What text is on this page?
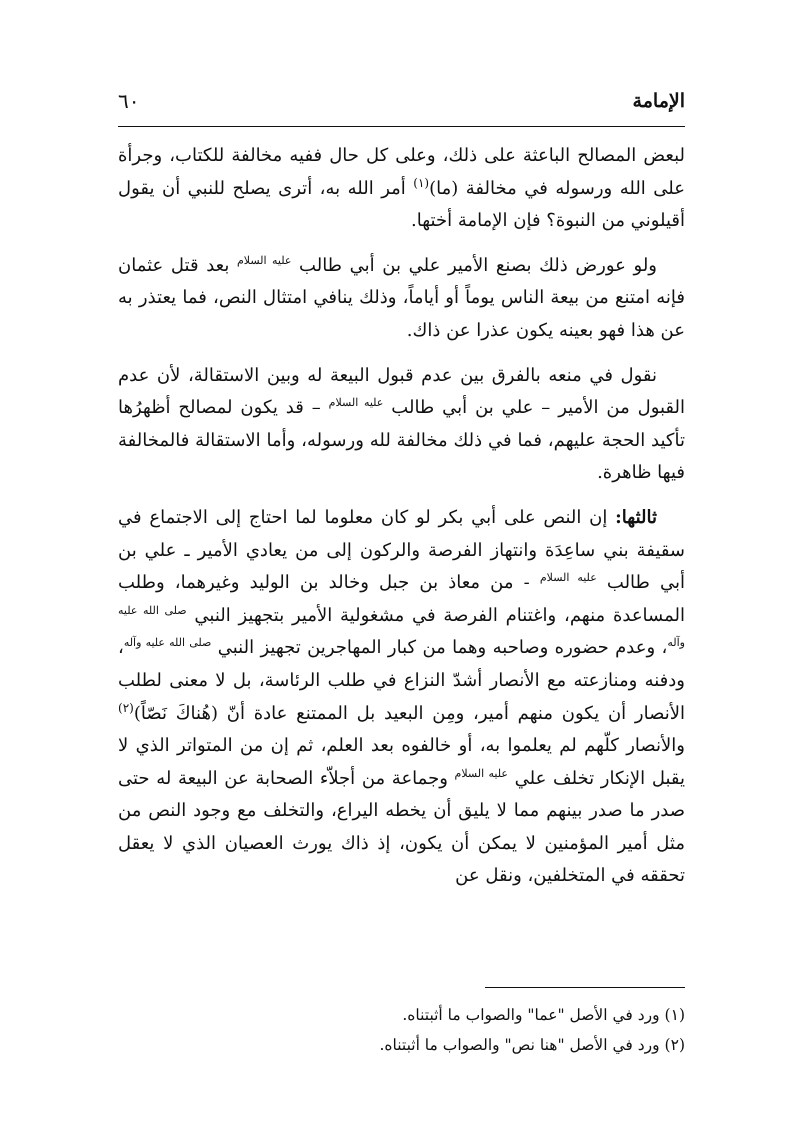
الإمامة
٦٠

لبعض المصالح الباعثة على ذلك، وعلى كل حال ففيه مخالفة للكتاب، وجرأة على الله ورسوله في مخالفة (ما)$^{(١)}$ أمر الله به، أترى يصلح للنبي أن يقول أقيلوني من النبوة؟ فإن الإمامة أختها.

ولو عورض ذلك بصنع الأمير علي بن أبي طالب $^{عليه السلام}$ بعد قتل عثمان فإنه امتنع من بيعة الناس يوماً أو أياماً، وذلك ينافي امتثال النص، فما يعتذر به عن هذا فهو بعينه يكون عذرا عن ذاك.

نقول في منعه بالفرق بين عدم قبول البيعة له وبين الاستقالة، لأن عدم القبول من الأمير – علي بن أبي طالب $^{عليه السلام}$ – قد يكون لمصالح أظهرُها تأكيد الحجة عليهم، فما في ذلك مخالفة لله ورسوله، وأما الاستقالة فالمخالفة فيها ظاهرة.

ثالثها: إن النص على أبي بكر لو كان معلوما لما احتاج إلى الاجتماع في سقيفة بني ساعِدَة وانتهاز الفرصة والركون إلى من يعادي الأمير ـ علي بن أبي طالب $^{عليه السلام}$ - من معاذ بن جبل وخالد بن الوليد وغيرهما، وطلب المساعدة منهم، واغتنام الفرصة في مشغولية الأمير بتجهيز النبي $^{صلى الله عليه وآله}$، وعدم حضوره وصاحبه وهما من كبار المهاجرين تجهيز النبي $^{صلى الله عليه وآله}$، ودفنه ومنازعته مع الأنصار أشدّ النزاع في طلب الرئاسة، بل لا معنى لطلب الأنصار أن يكون منهم أمير، ومِن البعيد بل الممتنع عادة أنّ (هُناكَ نَصّاً)$^{(٢)}$ والأنصار كلّهم لم يعلموا به، أو خالفوه بعد العلم، ثم إن من المتواتر الذي لا يقبل الإنكار تخلف علي $^{عليه السلام}$ وجماعة من أجلاّء الصحابة عن البيعة له حتى صدر ما صدر بينهم مما لا يليق أن يخطه اليراع، والتخلف مع وجود النص من مثل أمير المؤمنين لا يمكن أن يكون، إذ ذاك يورث العصيان الذي لا يعقل تحققه في المتخلفين، ونقل عن

(١) ورد في الأصل "عما" والصواب ما أثبتناه.
(٢) ورد في الأصل "هنا نص" والصواب ما أثبتناه.
